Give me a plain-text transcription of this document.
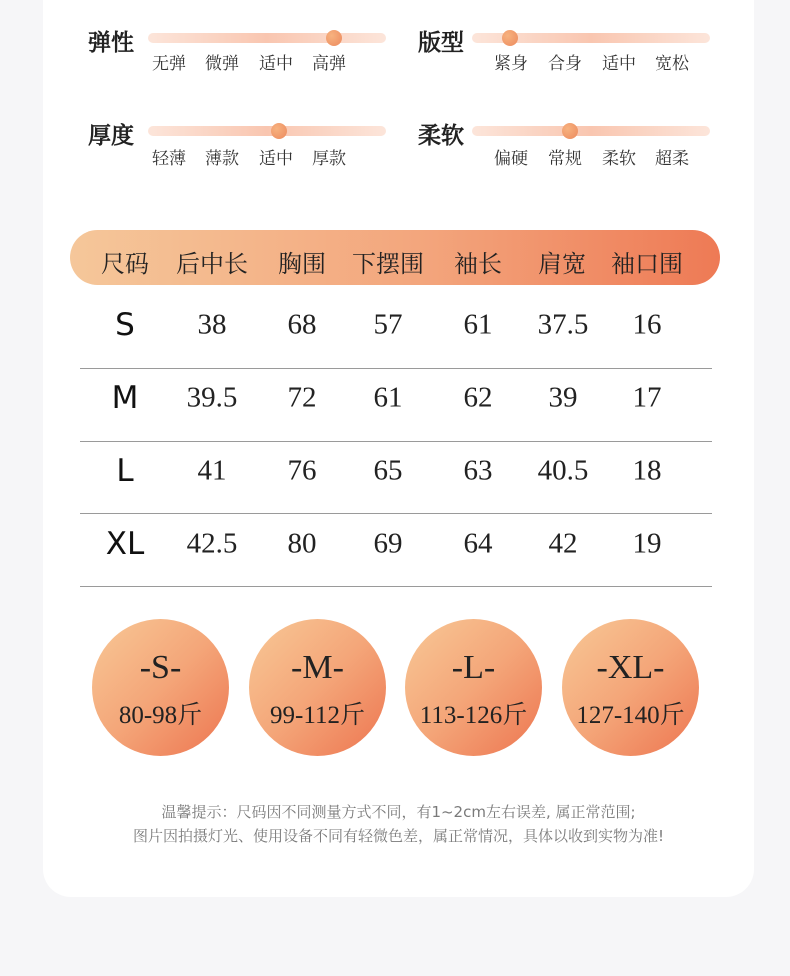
弹性
无弹 微弹 适中 高弹
版型
紧身 合身 适中 宽松
厚度
轻薄 薄款 适中 厚款
柔软
偏硬 常规 柔软 超柔
尺码 后中长 胸围 下摆围 袖长 肩宽 袖口围
S 38 68 57 61 37.5 16
M 39.5 72 61 62 39 17
L 41 76 65 63 40.5 18
XL 42.5 80 69 64 42 19
-S-
80-98斤
-M-
99-112斤
-L-
113-126斤
-XL-
127-140斤
温馨提示：尺码因不同测量方式不同，有1~2cm左右误差, 属正常范围;
图片因拍摄灯光、使用设备不同有轻微色差，属正常情况，具体以收到实物为准!
